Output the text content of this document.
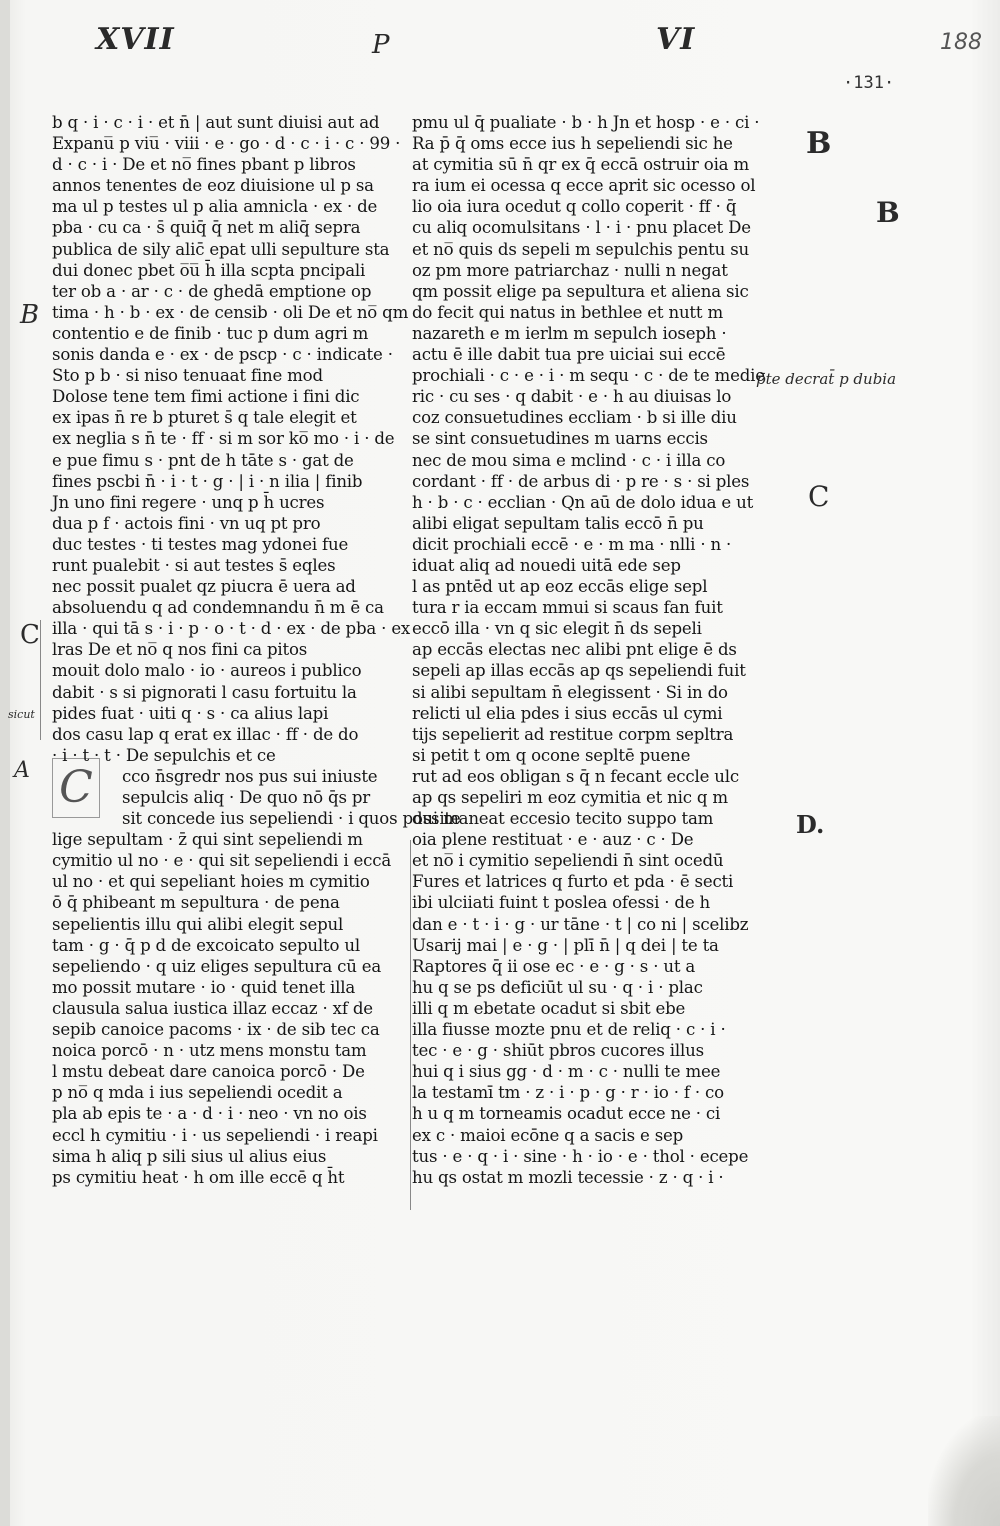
XVII	P	VI	188
·131·
B
C
sicut
A
B
B
p̄te decrat̄ p dubia
C
D.
C
b q · i · c · i · et n̄ | aut sunt diuisi aut ad
Expanu̅ p viu̅ · viii · e · go · d · c · i · c · 99 ·
d · c · i · De et no̅ fines pbant p libros
annos tenentes de eoz diuisione ul p sa
ma ul p testes ul p alia amnicla · ex · de
pba · cu ca · s̄ quiq̄ q̄ net m aliq̄ sepra
publica de sily alic̄ epat ulli sepulture sta
dui donec pbet o̅u̅ h̄ illa scpta pncipali
ter ob a · ar · c · de ghedā emptione op
tima · h · b · ex · de censib · oli De et no̅ qm
contentio e de finib · tuc p dum agri m
sonis danda e · ex · de pscp · c · indicate ·
Sto p b · si niso tenuaat fine mod
Dolose tene tem fimi actione i fini dic
ex ipas n̄ re b pturet s̄ q tale elegit et
ex neglia s n̄ te · ff · si m sor ko̅ mo · i · de
e pue fimu s · pnt de h tāte s · gat de
fines pscbi n̄ · i · t · g · | i · n ilia | finib
Jn uno fini regere · unq p h̄ ucres
dua p f · actois fini · vn uq pt pro
duc testes · ti testes mag ydonei fue
runt pualebit · si aut testes s̄ eqles
nec possit pualet qz piucra ē uera ad
absoluendu q ad condemnandu n̄ m ē ca
illa · qui tā s · i · p · o · t · d · ex · de pba · ex
lras De et no̅ q nos fini ca pitos
mouit dolo malo · io · aureos i publico
dabit · s si pignorati l casu fortuitu la
pides fuat · uiti q · s · ca alius lapi
dos casu lap q erat ex illac · ff · de do
· i · t · t · De sepulchis et ce
cco n̄sgredr nos pus sui iniuste
sepulcis aliq · De quo nō q̄s pr
sit concede ius sepeliendi · i quos possite
lige sepultam · z̄ qui sint sepeliendi m
cymitio ul no · e · qui sit sepeliendi i eccā
ul no · et qui sepeliant hoies m cymitio
ō q̄ phibeant m sepultura · de pena
sepelientis illu qui alibi elegit sepul
tam · g · q̄ p d de excoicato sepulto ul
sepeliendo · q uiz eliges sepultura cū ea
mo possit mutare · io · quid tenet illa
clausula salua iustica illaz eccaz · xf de
sepib canoice pacoms · ix · de sib tec ca
noica porcō · n · utz mens monstu tam
l mstu debeat dare canoica porcō · De
p no̅ q mda i ius sepeliendi ocedit a
pla ab epis te · a · d · i · neo · vn no ois
eccl h cymitiu · i · us sepeliendi · i reapi
sima h aliq p sili sius ul alius eius
ps cymitiu heat · h om ille eccē q h̄t
pmu ul q̄ pualiate · b · h Jn et hosp · e · ci ·
Ra p̄ q̄ oms ecce ius h sepeliendi sic he
at cymitia sū n̄ qr ex q̄ eccā ostruir oia m
ra ium ei ocessa q ecce aprit sic ocesso ol
lio oia iura ocedut q collo coperit · ff · q̄
cu aliq ocomulsitans · l · i · pnu placet De
et no̅ quis ds sepeli m sepulchis pentu su
oz pm more patriarchaz · nulli n negat
qm possit elige pa sepultura et aliena sic
do fecit qui natus in bethlee et nutt m
nazareth e m ierlm m sepulch ioseph ·
actu ē ille dabit tua pre uiciai sui eccē
prochiali · c · e · i · m sequ · c · de te medie
ric · cu ses · q dabit · e · h au diuisas lo
coz consuetudines eccliam · b si ille diu
se sint consuetudines m uarns eccis
nec de mou sima e mclind · c · i illa co
cordant · ff · de arbus di · p re · s · si ples
h · b · c · ecclian · Qn aū de dolo idua e ut
alibi eligat sepultam talis eccō n̄ pu
dicit prochiali eccē · e · m ma · nlli · n ·
iduat aliq ad nouedi uitā ede sep
l as pntēd ut ap eoz eccās elige sepl
tura r ia eccam mmui si scaus fan fuit
eccō illa · vn q sic elegit n̄ ds sepeli
ap eccās electas nec alibi pnt elige ē ds
sepeli ap illas eccās ap qs sepeliendi fuit
si alibi sepultam n̄ elegissent · Si in do
relicti ul elia pdes i sius eccās ul cymi
tijs sepelierit ad restitue corpm sepltra
si petit t om q ocone sepltē puene
rut ad eos obligan s q̄ n fecant eccle ulc
ap qs sepeliri m eoz cymitia et nic q m
dui maneat eccesio tecito suppo tam
oia plene restituat · e · auz · c · De
et no̅ i cymitio sepeliendi n̄ sint ocedū
Fures et latrices q furto et pda · ē secti
ibi ulciiati fuint t poslea ofessi · de h
dan e · t · i · g · ur tāne · t | co ni | scelibz
Usarij mai | e · g · | plī n̄ | q dei | te ta
Raptores q̄ ii ose ec · e · g · s · ut a
hu q se ps deficiūt ul su · q · i · plac
illi q m ebetate ocadut si sbit ebe
illa fiusse mozte pnu et de reliq · c · i ·
tec · e · g · shiūt pbros cucores illus
hui q i sius gg · d · m · c · nulli te mee
la testamī tm · z · i · p · g · r · io · f · co
h u q m torneamis ocadut ecce ne · ci
ex c · maioi ecōne q a sacis e sep
tus · e · q · i · sine · h · io · e · thol · ecepe
hu qs ostat m mozli tecessie · z · q · i ·
